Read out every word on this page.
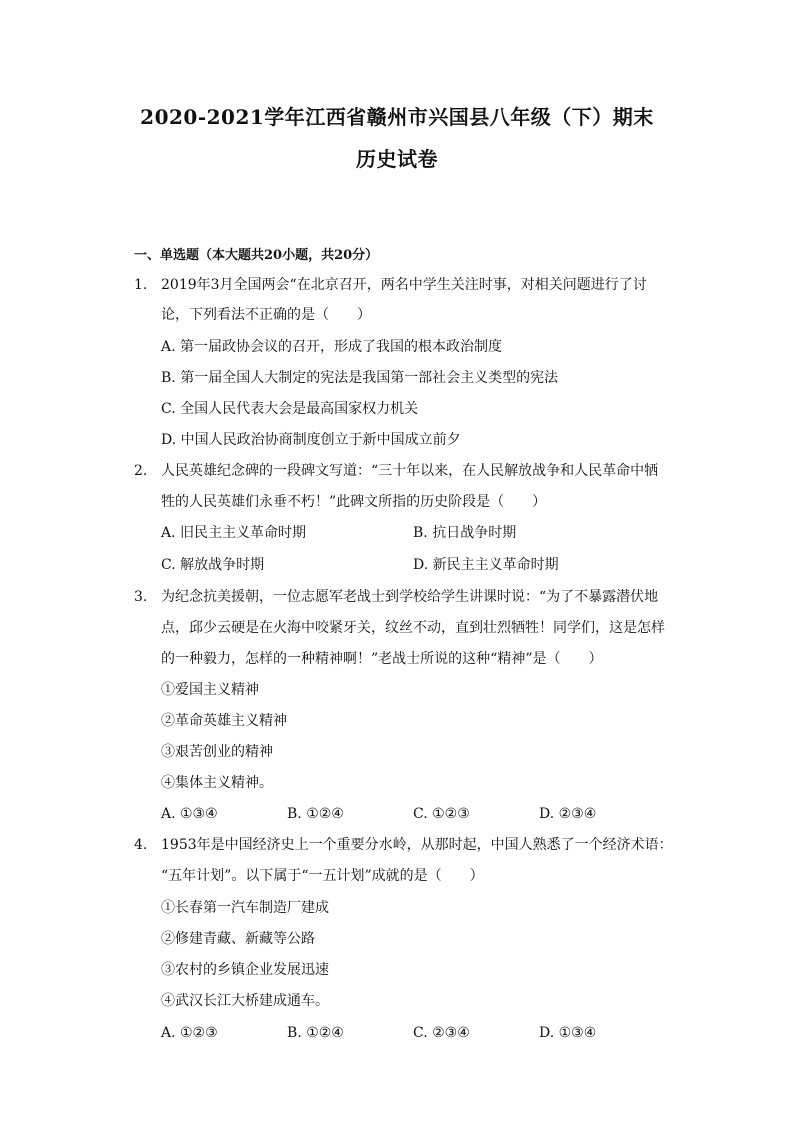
2020-2021学年江西省赣州市兴国县八年级（下）期末
历史试卷
一、单选题（本大题共20小题，共20分）
1. 2019年3月全国两会“在北京召开，两名中学生关注时事，对相关问题进行了讨
论，下列看法不正确的是（　　）
A. 第一届政协会议的召开，形成了我国的根本政治制度
B. 第一届全国人大制定的宪法是我国第一部社会主义类型的宪法
C. 全国人民代表大会是最高国家权力机关
D. 中国人民政治协商制度创立于新中国成立前夕
2. 人民英雄纪念碑的一段碑文写道：“三十年以来，在人民解放战争和人民革命中牺
牲的人民英雄们永垂不朽！”此碑文所指的历史阶段是（　　）
A. 旧民主主义革命时期	B. 抗日战争时期
C. 解放战争时期	D. 新民主主义革命时期
3. 为纪念抗美援朝，一位志愿军老战士到学校给学生讲课时说：“为了不暴露潜伏地
点，邱少云硬是在火海中咬紧牙关，纹丝不动，直到壮烈牺牲！同学们，这是怎样
的一种毅力，怎样的一种精神啊！”老战士所说的这种“精神”是（　　）
①爱国主义精神
②革命英雄主义精神
③艰苦创业的精神
④集体主义精神。
A. ①③④	B. ①②④	C. ①②③	D. ②③④
4. 1953年是中国经济史上一个重要分水岭，从那时起，中国人熟悉了一个经济术语：
“五年计划”。以下属于“一五计划”成就的是（　　）
①长春第一汽车制造厂建成
②修建青藏、新藏等公路
③农村的乡镇企业发展迅速
④武汉长江大桥建成通车。
A. ①②③	B. ①②④	C. ②③④	D. ①③④
